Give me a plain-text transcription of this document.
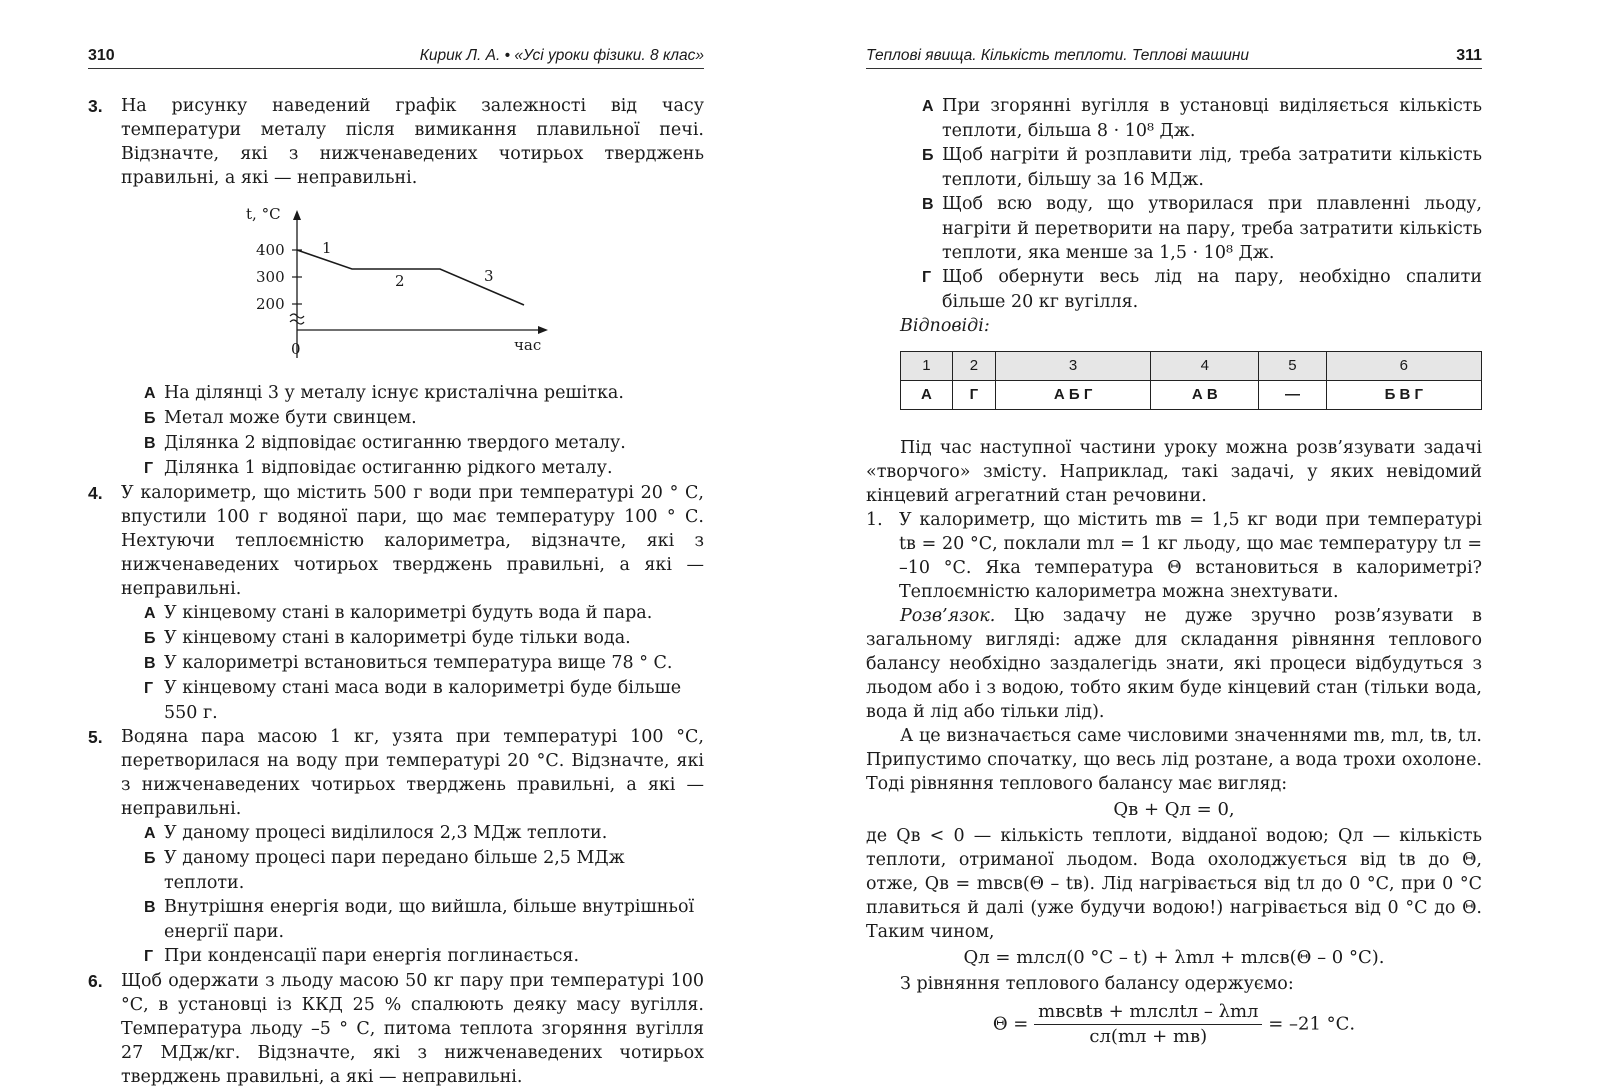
310	Кирик Л. А. • «Усі уроки фізики. 8 клас»
3. На рисунку наведений графік залежності від часу температури металу після вимикання плавильної печі. Відзначте, які з нижченаведених чотирьох тверджень правильні, а які — неправильні.
t, °C
400
300
200
0	час
1
2	3
А На ділянці 3 у металу існує кристалічна решітка.
Б Метал може бути свинцем.
В Ділянка 2 відповідає остиганню твердого металу.
Г Ділянка 1 відповідає остиганню рідкого металу.
4. У калориметр, що містить 500 г води при температурі 20 ° С, впустили 100 г водяної пари, що має температуру 100 ° С. Нехтуючи теплоємністю калориметра, відзначте, які з нижченаведених чотирьох тверджень правильні, а які — неправильні.
А У кінцевому стані в калориметрі будуть вода й пара.
Б У кінцевому стані в калориметрі буде тільки вода.
В У калориметрі встановиться температура вище 78 ° С.
Г У кінцевому стані маса води в калориметрі буде більше 550 г.
5. Водяна пара масою 1 кг, узята при температурі 100 °С, перетворилася на воду при температурі 20 °С. Відзначте, які з нижченаведених чотирьох тверджень правильні, а які — неправильні.
А У даному процесі виділилося 2,3 МДж теплоти.
Б У даному процесі пари передано більше 2,5 МДж теплоти.
В Внутрішня енергія води, що вийшла, більше внутрішньої енергії пари.
Г При конденсації пари енергія поглинається.
6. Щоб одержати з льоду масою 50 кг пару при температурі 100 °С, в установці із ККД 25 % спалюють деяку масу вугілля. Температура льоду –5 ° С, питома теплота згоряння вугілля 27 МДж/кг. Відзначте, які з нижченаведених чотирьох тверджень правильні, а які — неправильні.
Теплові явища. Кількість теплоти. Теплові машини	311
А При згорянні вугілля в установці виділяється кількість теплоти, більша 8 · 10⁸ Дж.
Б Щоб нагріти й розплавити лід, треба затратити кількість теплоти, більшу за 16 МДж.
В Щоб всю воду, що утворилася при плавленні льоду, нагріти й перетворити на пару, треба затратити кількість теплоти, яка менше за 1,5 · 10⁸ Дж.
Г Щоб обернути весь лід на пару, необхідно спалити більше 20 кг вугілля.
Відповіді:
1	2	3	4	5	6
А	Г	А Б Г	А В	—	Б В Г
Під час наступної частини уроку можна розв’язувати задачі «творчого» змісту. Наприклад, такі задачі, у яких невідомий кінцевий агрегатний стан речовини.
1. У калориметр, що містить mв = 1,5 кг води при температурі tв = 20 °С, поклали mл = 1 кг льоду, що має температуру tл = –10 °С. Яка температура Θ встановиться в калориметрі? Теплоємністю калориметра можна знехтувати.
Розв’язок. Цю задачу не дуже зручно розв’язувати в загальному вигляді: адже для складання рівняння теплового балансу необхідно заздалегідь знати, які процеси відбудуться з льодом або і з водою, тобто яким буде кінцевий стан (тільки вода, вода й лід або тільки лід).
А це визначається саме числовими значеннями mв, mл, tв, tл. Припустимо спочатку, що весь лід розтане, а вода трохи охолоне. Тоді рівняння теплового балансу має вигляд:
Qв + Qл = 0,
де Qв < 0 — кількість теплоти, відданої водою; Qл — кількість теплоти, отриманої льодом. Вода охолоджується від tв до Θ, отже, Qв = mвcв(Θ – tв). Лід нагрівається від tл до 0 °С, при 0 °С плавиться й далі (уже будучи водою!) нагрівається від 0 °С до Θ. Таким чином,
Qл = mлcл(0 °С – t) + λmл + mлcв(Θ – 0 °С).
З рівняння теплового балансу одержуємо:
$\Theta = \frac{\text{mвcвtв + mлcлtл – λmл}}{cл(mл + mв)} = -21$ °С.
